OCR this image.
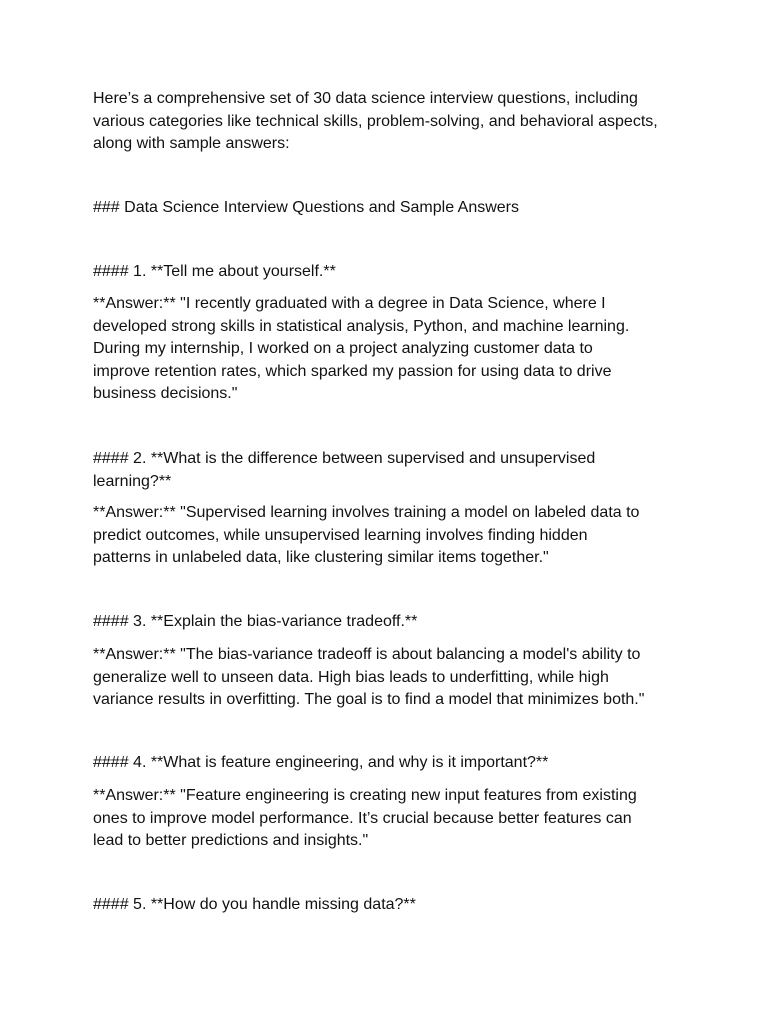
Here’s a comprehensive set of 30 data science interview questions, including
various categories like technical skills, problem-solving, and behavioral aspects,
along with sample answers:

### Data Science Interview Questions and Sample Answers

#### 1. **Tell me about yourself.**

**Answer:** "I recently graduated with a degree in Data Science, where I
developed strong skills in statistical analysis, Python, and machine learning.
During my internship, I worked on a project analyzing customer data to
improve retention rates, which sparked my passion for using data to drive
business decisions."

#### 2. **What is the difference between supervised and unsupervised
learning?**

**Answer:** "Supervised learning involves training a model on labeled data to
predict outcomes, while unsupervised learning involves finding hidden
patterns in unlabeled data, like clustering similar items together."

#### 3. **Explain the bias-variance tradeoff.**

**Answer:** "The bias-variance tradeoff is about balancing a model's ability to
generalize well to unseen data. High bias leads to underfitting, while high
variance results in overfitting. The goal is to find a model that minimizes both."

#### 4. **What is feature engineering, and why is it important?**

**Answer:** "Feature engineering is creating new input features from existing
ones to improve model performance. It’s crucial because better features can
lead to better predictions and insights."

#### 5. **How do you handle missing data?**
